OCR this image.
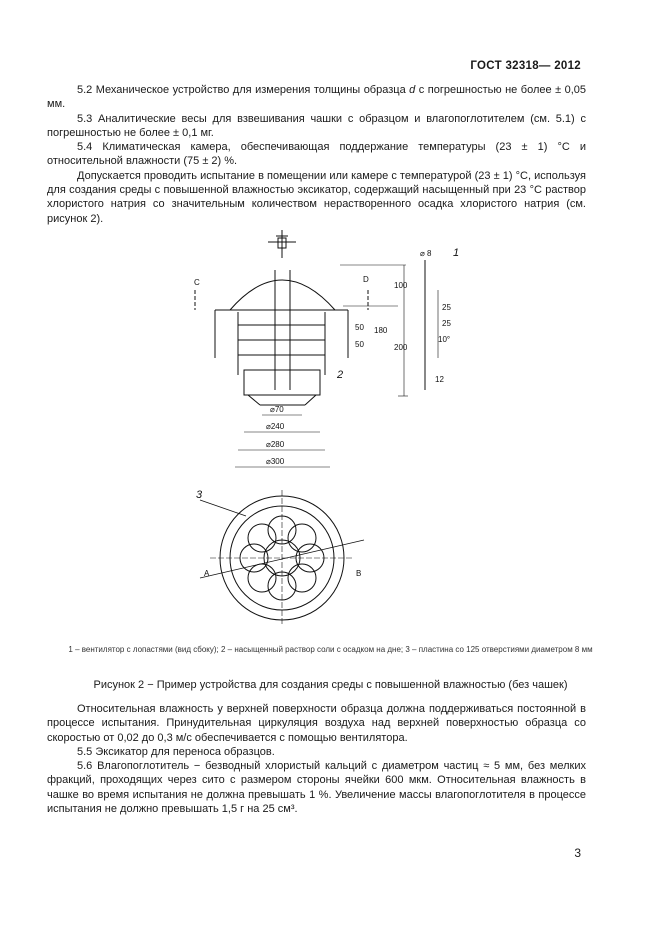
ГОСТ 32318— 2012

5.2 Механическое устройство для измерения толщины образца d с погрешностью не более ± 0,05 мм.

5.3 Аналитические весы для взвешивания чашки с образцом и влагопоглотителем (см. 5.1) с погрешностью не более ± 0,1 мг.

5.4 Климатическая камера, обеспечивающая поддержание температуры (23 ± 1) °C и относительной влажности (75 ± 2) %.

Допускается проводить испытание в помещении или камере с температурой (23 ± 1) °C, используя для создания среды с повышенной влажностью эксикатор, содержащий насыщенный при 23 °C раствор хлористого натрия со значительным количеством нерастворенного осадка хлористого натрия (см. рисунок 2).

C	D
100
50
50
180
200
2
⌀70
⌀240
⌀280
⌀300
⌀ 8 1
25
25
10°
12
3
A	B
1 – вентилятор с лопастями (вид сбоку); 2 – насыщенный раствор соли с осадком на дне; 3 – пластина со 125 отверстиями диаметром 8 мм
Рисунок 2 − Пример устройства для создания среды с повышенной влажностью (без чашек)

Относительная влажность у верхней поверхности образца должна поддерживаться постоянной в процессе испытания. Принудительная циркуляция воздуха над верхней поверхностью образца со скоростью от 0,02 до 0,3 м/с обеспечивается с помощью вентилятора.

5.5 Эксикатор для переноса образцов.

5.6 Влагопоглотитель − безводный хлористый кальций с диаметром частиц ≈ 5 мм, без мелких фракций, проходящих через сито с размером стороны ячейки 600 мкм. Относительная влажность в чашке во время испытания не должна превышать 1 %. Увеличение массы влагопоглотителя в процессе испытания не должно превышать 1,5 г на 25 см³.

3
